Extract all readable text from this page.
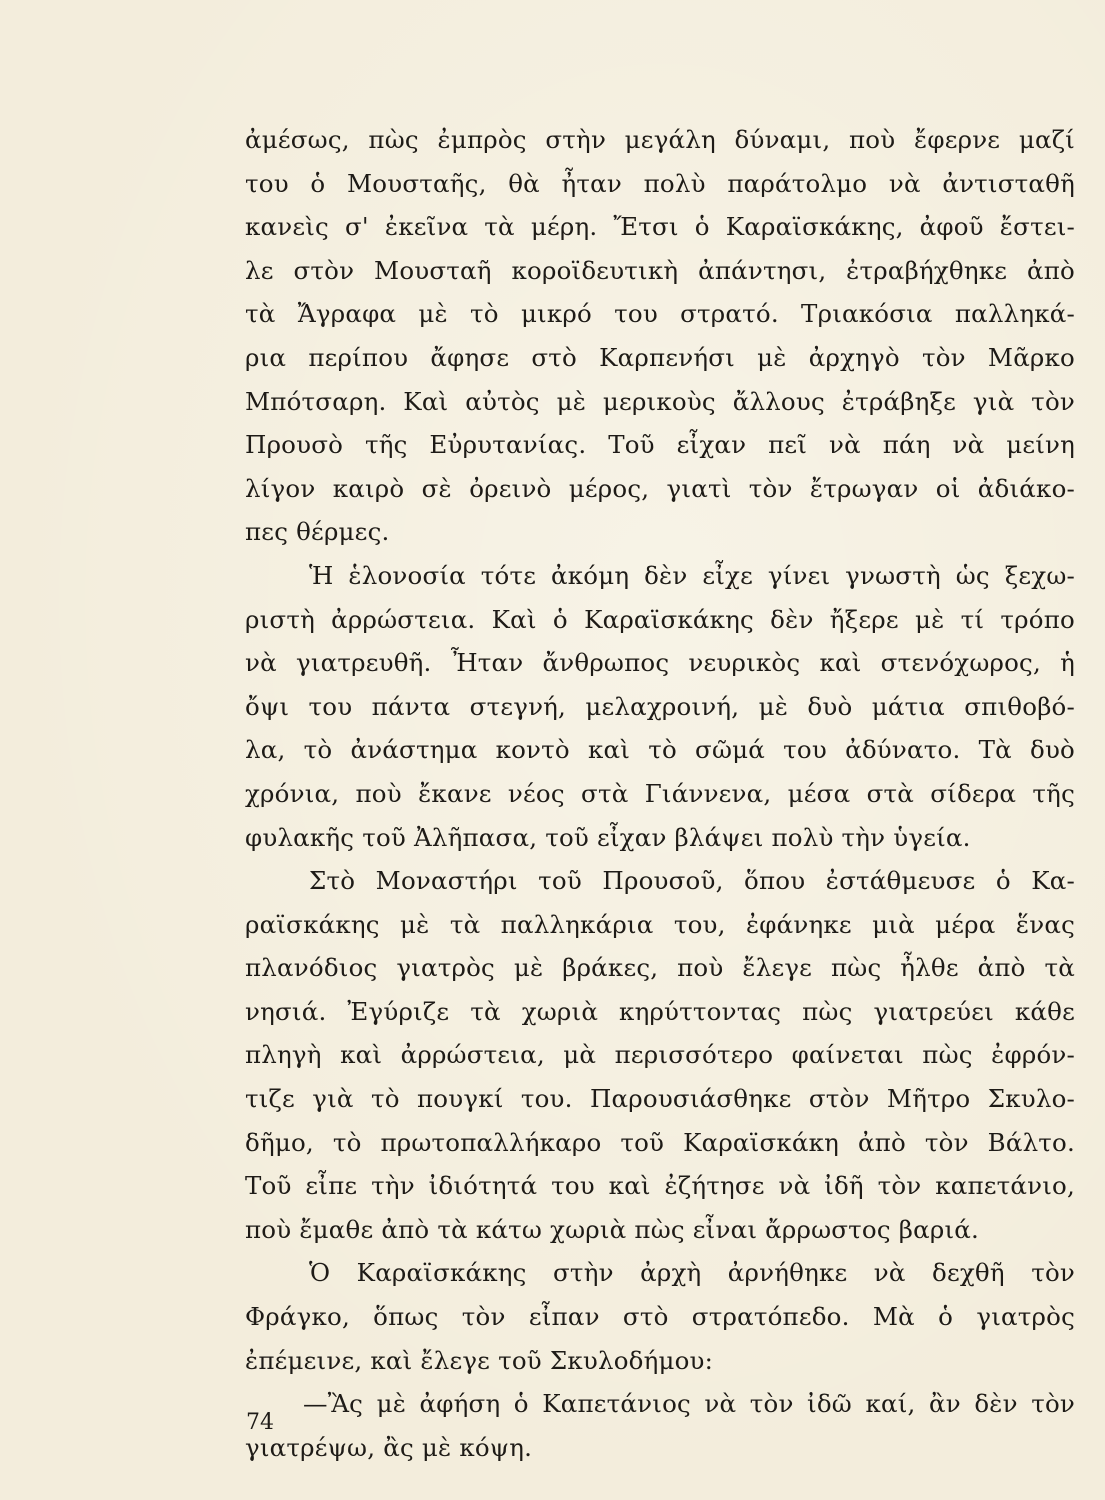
ἀμέσως, πὼς ἐμπρὸς στὴν μεγάλη δύναμι, ποὺ ἔφερνε μαζί
του ὁ Μουσταῆς, θὰ ἦταν πολὺ παράτολμο νὰ ἀντισταθῆ
κανεὶς σ' ἐκεῖνα τὰ μέρη. Ἔτσι ὁ Καραϊσκάκης, ἀφοῦ ἔστει-
λε στὸν Μουσταῆ κοροϊδευτικὴ ἀπάντησι, ἐτραβήχθηκε ἀπὸ
τὰ Ἄγραφα μὲ τὸ μικρό του στρατό. Τριακόσια παλληκά-
ρια περίπου ἄφησε στὸ Καρπενήσι μὲ ἀρχηγὸ τὸν Μᾶρκο
Μπότσαρη. Καὶ αὐτὸς μὲ μερικοὺς ἄλλους ἐτράβηξε γιὰ τὸν
Προυσὸ τῆς Εὐρυτανίας. Τοῦ εἶχαν πεῖ νὰ πάη νὰ μείνη
λίγον καιρὸ σὲ ὀρεινὸ μέρος, γιατὶ τὸν ἔτρωγαν οἱ ἀδιάκο-
πες θέρμες.
Ἡ ἑλονοσία τότε ἀκόμη δὲν εἶχε γίνει γνωστὴ ὡς ξεχω-
ριστὴ ἀρρώστεια. Καὶ ὁ Καραϊσκάκης δὲν ἤξερε μὲ τί τρόπο
νὰ γιατρευθῆ. Ἦταν ἄνθρωπος νευρικὸς καὶ στενόχωρος, ἡ
ὄψι του πάντα στεγνή, μελαχροινή, μὲ δυὸ μάτια σπιθοβό-
λα, τὸ ἀνάστημα κοντὸ καὶ τὸ σῶμά του ἀδύνατο. Τὰ δυὸ
χρόνια, ποὺ ἔκανε νέος στὰ Γιάννενα, μέσα στὰ σίδερα τῆς
φυλακῆς τοῦ Ἀλῆπασα, τοῦ εἶχαν βλάψει πολὺ τὴν ὑγεία.
Στὸ Μοναστήρι τοῦ Προυσοῦ, ὅπου ἐστάθμευσε ὁ Κα-
ραϊσκάκης μὲ τὰ παλληκάρια του, ἐφάνηκε μιὰ μέρα ἕνας
πλανόδιος γιατρὸς μὲ βράκες, ποὺ ἔλεγε πὼς ἦλθε ἀπὸ τὰ
νησιά. Ἐγύριζε τὰ χωριὰ κηρύττοντας πὼς γιατρεύει κάθε
πληγὴ καὶ ἀρρώστεια, μὰ περισσότερο φαίνεται πὼς ἐφρόν-
τιζε γιὰ τὸ πουγκί του. Παρουσιάσθηκε στὸν Μῆτρο Σκυλο-
δῆμο, τὸ πρωτοπαλλήκαρο τοῦ Καραϊσκάκη ἀπὸ τὸν Βάλτο.
Τοῦ εἶπε τὴν ἰδιότητά του καὶ ἐζήτησε νὰ ἰδῆ τὸν καπετάνιο,
ποὺ ἔμαθε ἀπὸ τὰ κάτω χωριὰ πὼς εἶναι ἄρρωστος βαριά.
Ὁ Καραϊσκάκης στὴν ἀρχὴ ἀρνήθηκε νὰ δεχθῆ τὸν
Φράγκο, ὅπως τὸν εἶπαν στὸ στρατόπεδο. Μὰ ὁ γιατρὸς
ἐπέμεινε, καὶ ἔλεγε τοῦ Σκυλοδήμου:
—Ἂς μὲ ἀφήση ὁ Καπετάνιος νὰ τὸν ἰδῶ καί, ἂν δὲν τὸν
γιατρέψω, ἂς μὲ κόψη.
74
